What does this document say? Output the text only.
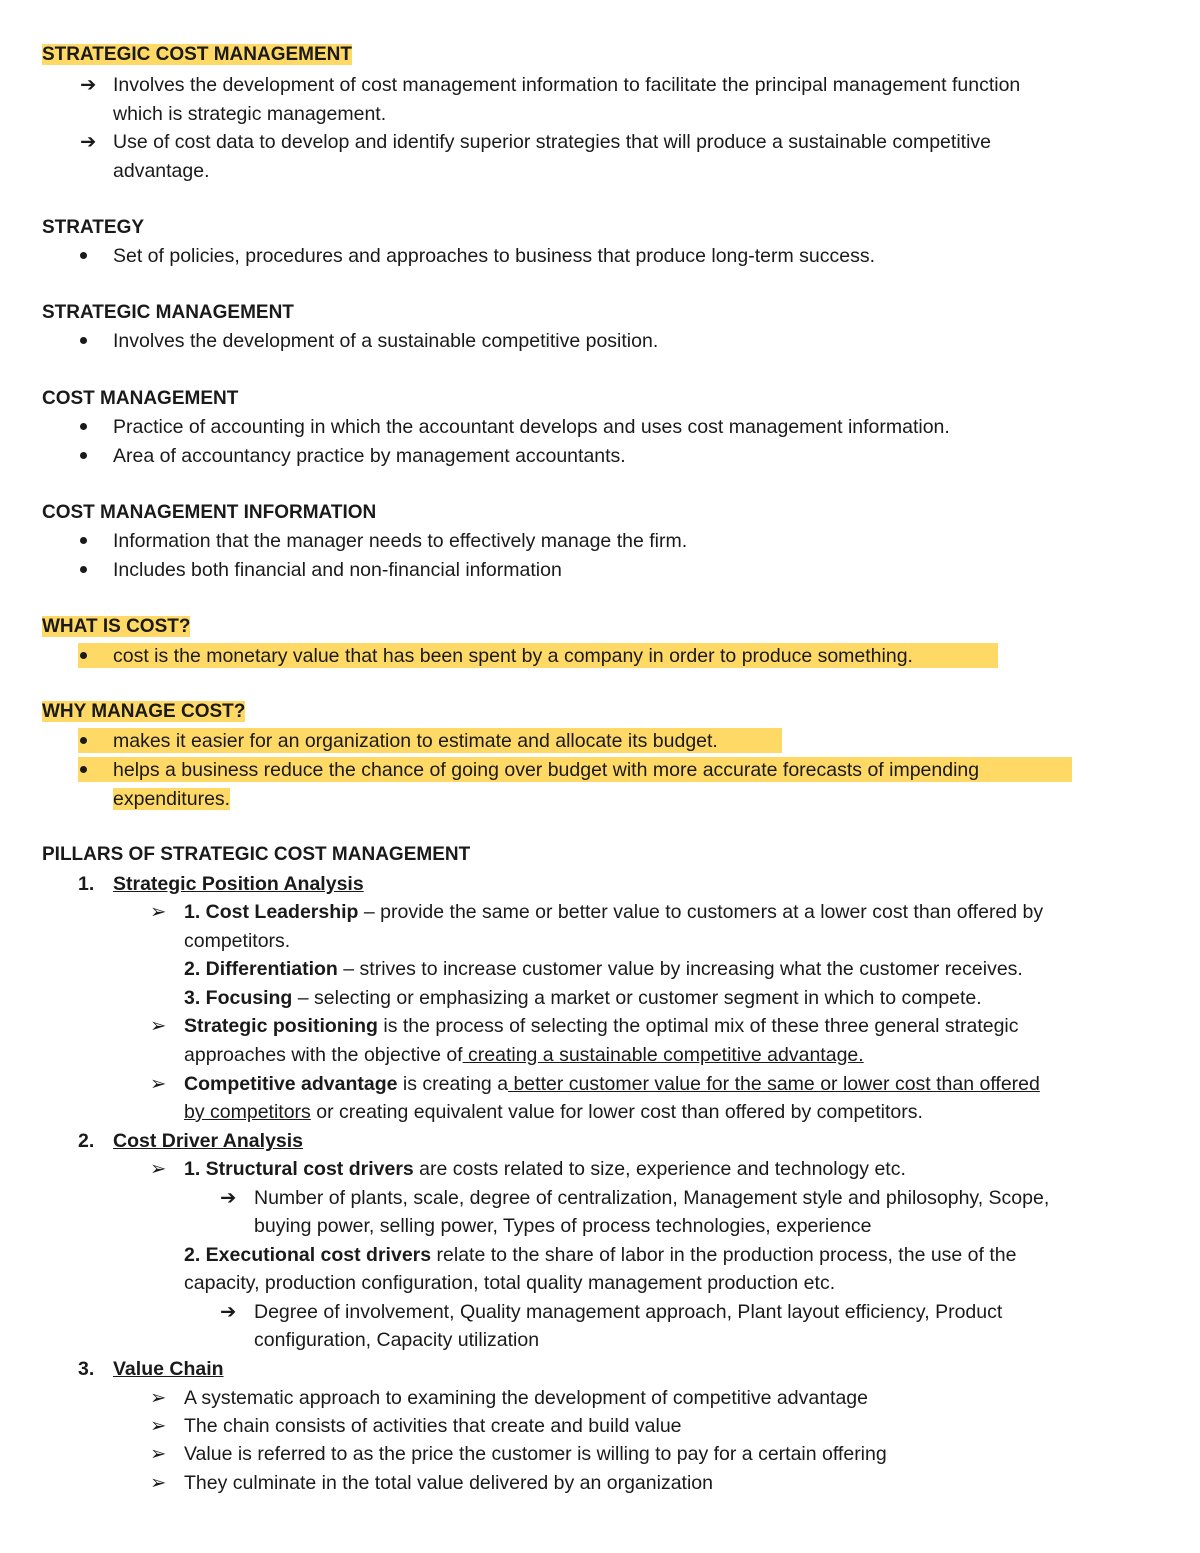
STRATEGIC COST MANAGEMENT
➔ Involves the development of cost management information to facilitate the principal management function
which is strategic management.
➔ Use of cost data to develop and identify superior strategies that will produce a sustainable competitive
advantage.
STRATEGY
Set of policies, procedures and approaches to business that produce long-term success.
STRATEGIC MANAGEMENT
Involves the development of a sustainable competitive position.
COST MANAGEMENT
Practice of accounting in which the accountant develops and uses cost management information.
Area of accountancy practice by management accountants.
COST MANAGEMENT INFORMATION
Information that the manager needs to effectively manage the firm.
Includes both financial and non-financial information
WHAT IS COST?
cost is the monetary value that has been spent by a company in order to produce something.
WHY MANAGE COST?
makes it easier for an organization to estimate and allocate its budget.
helps a business reduce the chance of going over budget with more accurate forecasts of impending
expenditures.
PILLARS OF STRATEGIC COST MANAGEMENT
1. Strategic Position Analysis
➢ 1. Cost Leadership – provide the same or better value to customers at a lower cost than offered by
competitors.
2. Differentiation – strives to increase customer value by increasing what the customer receives.
3. Focusing – selecting or emphasizing a market or customer segment in which to compete.
➢ Strategic positioning is the process of selecting the optimal mix of these three general strategic
approaches with the objective of creating a sustainable competitive advantage.
➢ Competitive advantage is creating a better customer value for the same or lower cost than offered
by competitors or creating equivalent value for lower cost than offered by competitors.
2. Cost Driver Analysis
➢ 1. Structural cost drivers are costs related to size, experience and technology etc.
➔ Number of plants, scale, degree of centralization, Management style and philosophy, Scope,
buying power, selling power, Types of process technologies, experience
2. Executional cost drivers relate to the share of labor in the production process, the use of the
capacity, production configuration, total quality management production etc.
➔ Degree of involvement, Quality management approach, Plant layout efficiency, Product
configuration, Capacity utilization
3. Value Chain
➢ A systematic approach to examining the development of competitive advantage
➢ The chain consists of activities that create and build value
➢ Value is referred to as the price the customer is willing to pay for a certain offering
➢ They culminate in the total value delivered by an organization
